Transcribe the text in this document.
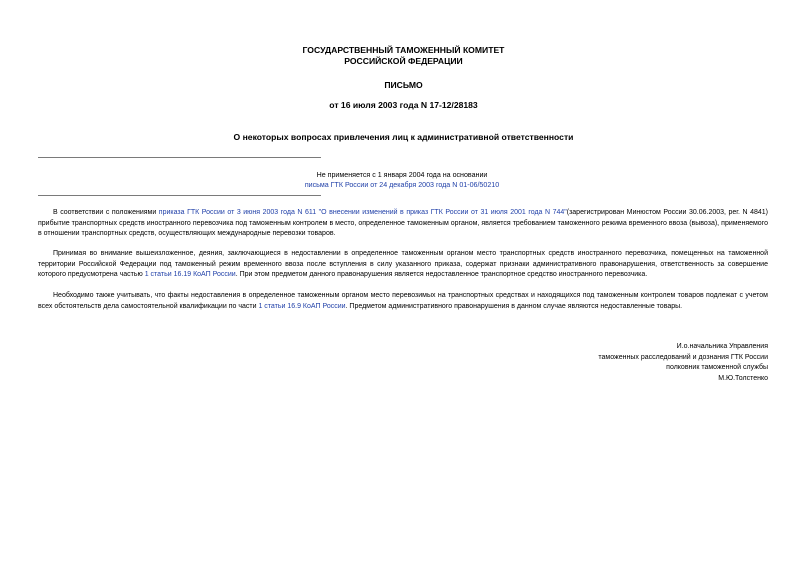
ГОСУДАРСТВЕННЫЙ ТАМОЖЕННЫЙ КОМИТЕТ
РОССИЙСКОЙ ФЕДЕРАЦИИ
ПИСЬМО
от 16 июля 2003 года N 17-12/28183
О некоторых вопросах привлечения лиц к административной ответственности
Не применяется с 1 января 2004 года на основании
письма ГТК России от 24 декабря 2003 года N 01-06/50210

В соответствии с положениями приказа ГТК России от 3 июня 2003 года N 611 "О внесении изменений в приказ ГТК России от 31 июля 2001 года N 744"(зарегистрирован Минюстом России 30.06.2003, рег. N 4841) прибытие транспортных средств иностранного перевозчика под таможенным контролем в место, определенное таможенным органом, является требованием таможенного режима временного ввоза (вывоза), применяемого в отношении транспортных средств, осуществляющих международные перевозки товаров.

Принимая во внимание вышеизложенное, деяния, заключающиеся в недоставлении в определенное таможенным органом место транспортных средств иностранного перевозчика, помещенных на таможенной территории Российской Федерации под таможенный режим временного ввоза после вступления в силу указанного приказа, содержат признаки административного правонарушения, ответственность за совершение которого предусмотрена частью 1 статьи 16.19 КоАП России. При этом предметом данного правонарушения является недоставленное транспортное средство иностранного перевозчика.

Необходимо также учитывать, что факты недоставления в определенное таможенным органом место перевозимых на транспортных средствах и находящихся под таможенным контролем товаров подлежат с учетом всех обстоятельств дела самостоятельной квалификации по части 1 статьи 16.9 КоАП России. Предметом административного правонарушения в данном случае являются недоставленные товары.

И.о.начальника Управления
таможенных расследований и дознания ГТК России
полковник таможенной службы
М.Ю.Толстенко
